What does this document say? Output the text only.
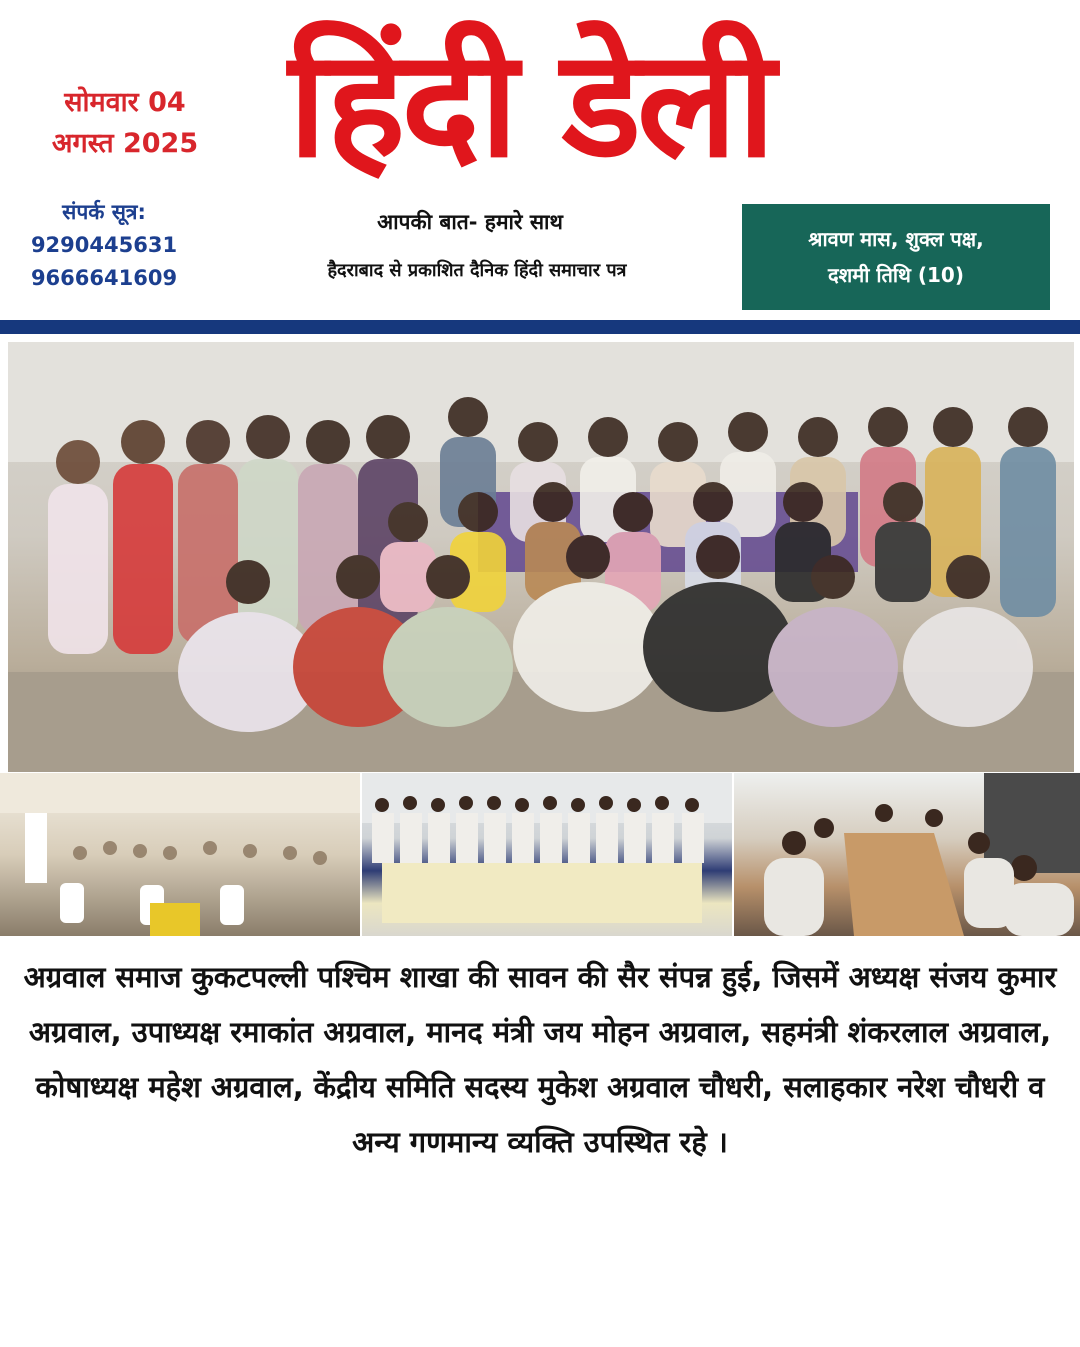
सोमवार 04
अगस्त 2025
संपर्क सूत्र:
9290445631
9666641609
हिंदी डेली
आपकी बात- हमारे साथ
हैदराबाद से प्रकाशित दैनिक हिंदी समाचार पत्र
श्रावण मास, शुक्ल पक्ष,
दशमी तिथि (10)
अग्रवाल समाज कुकटपल्ली पश्चिम शाखा की सावन की सैर संपन्न हुई, जिसमें अध्यक्ष संजय कुमार अग्रवाल, उपाध्यक्ष रमाकांत अग्रवाल, मानद मंत्री जय मोहन अग्रवाल, सहमंत्री शंकरलाल अग्रवाल, कोषाध्यक्ष महेश अग्रवाल, केंद्रीय समिति सदस्य मुकेश अग्रवाल चौधरी, सलाहकार नरेश चौधरी व अन्य गणमान्य व्यक्ति उपस्थित रहे ।
